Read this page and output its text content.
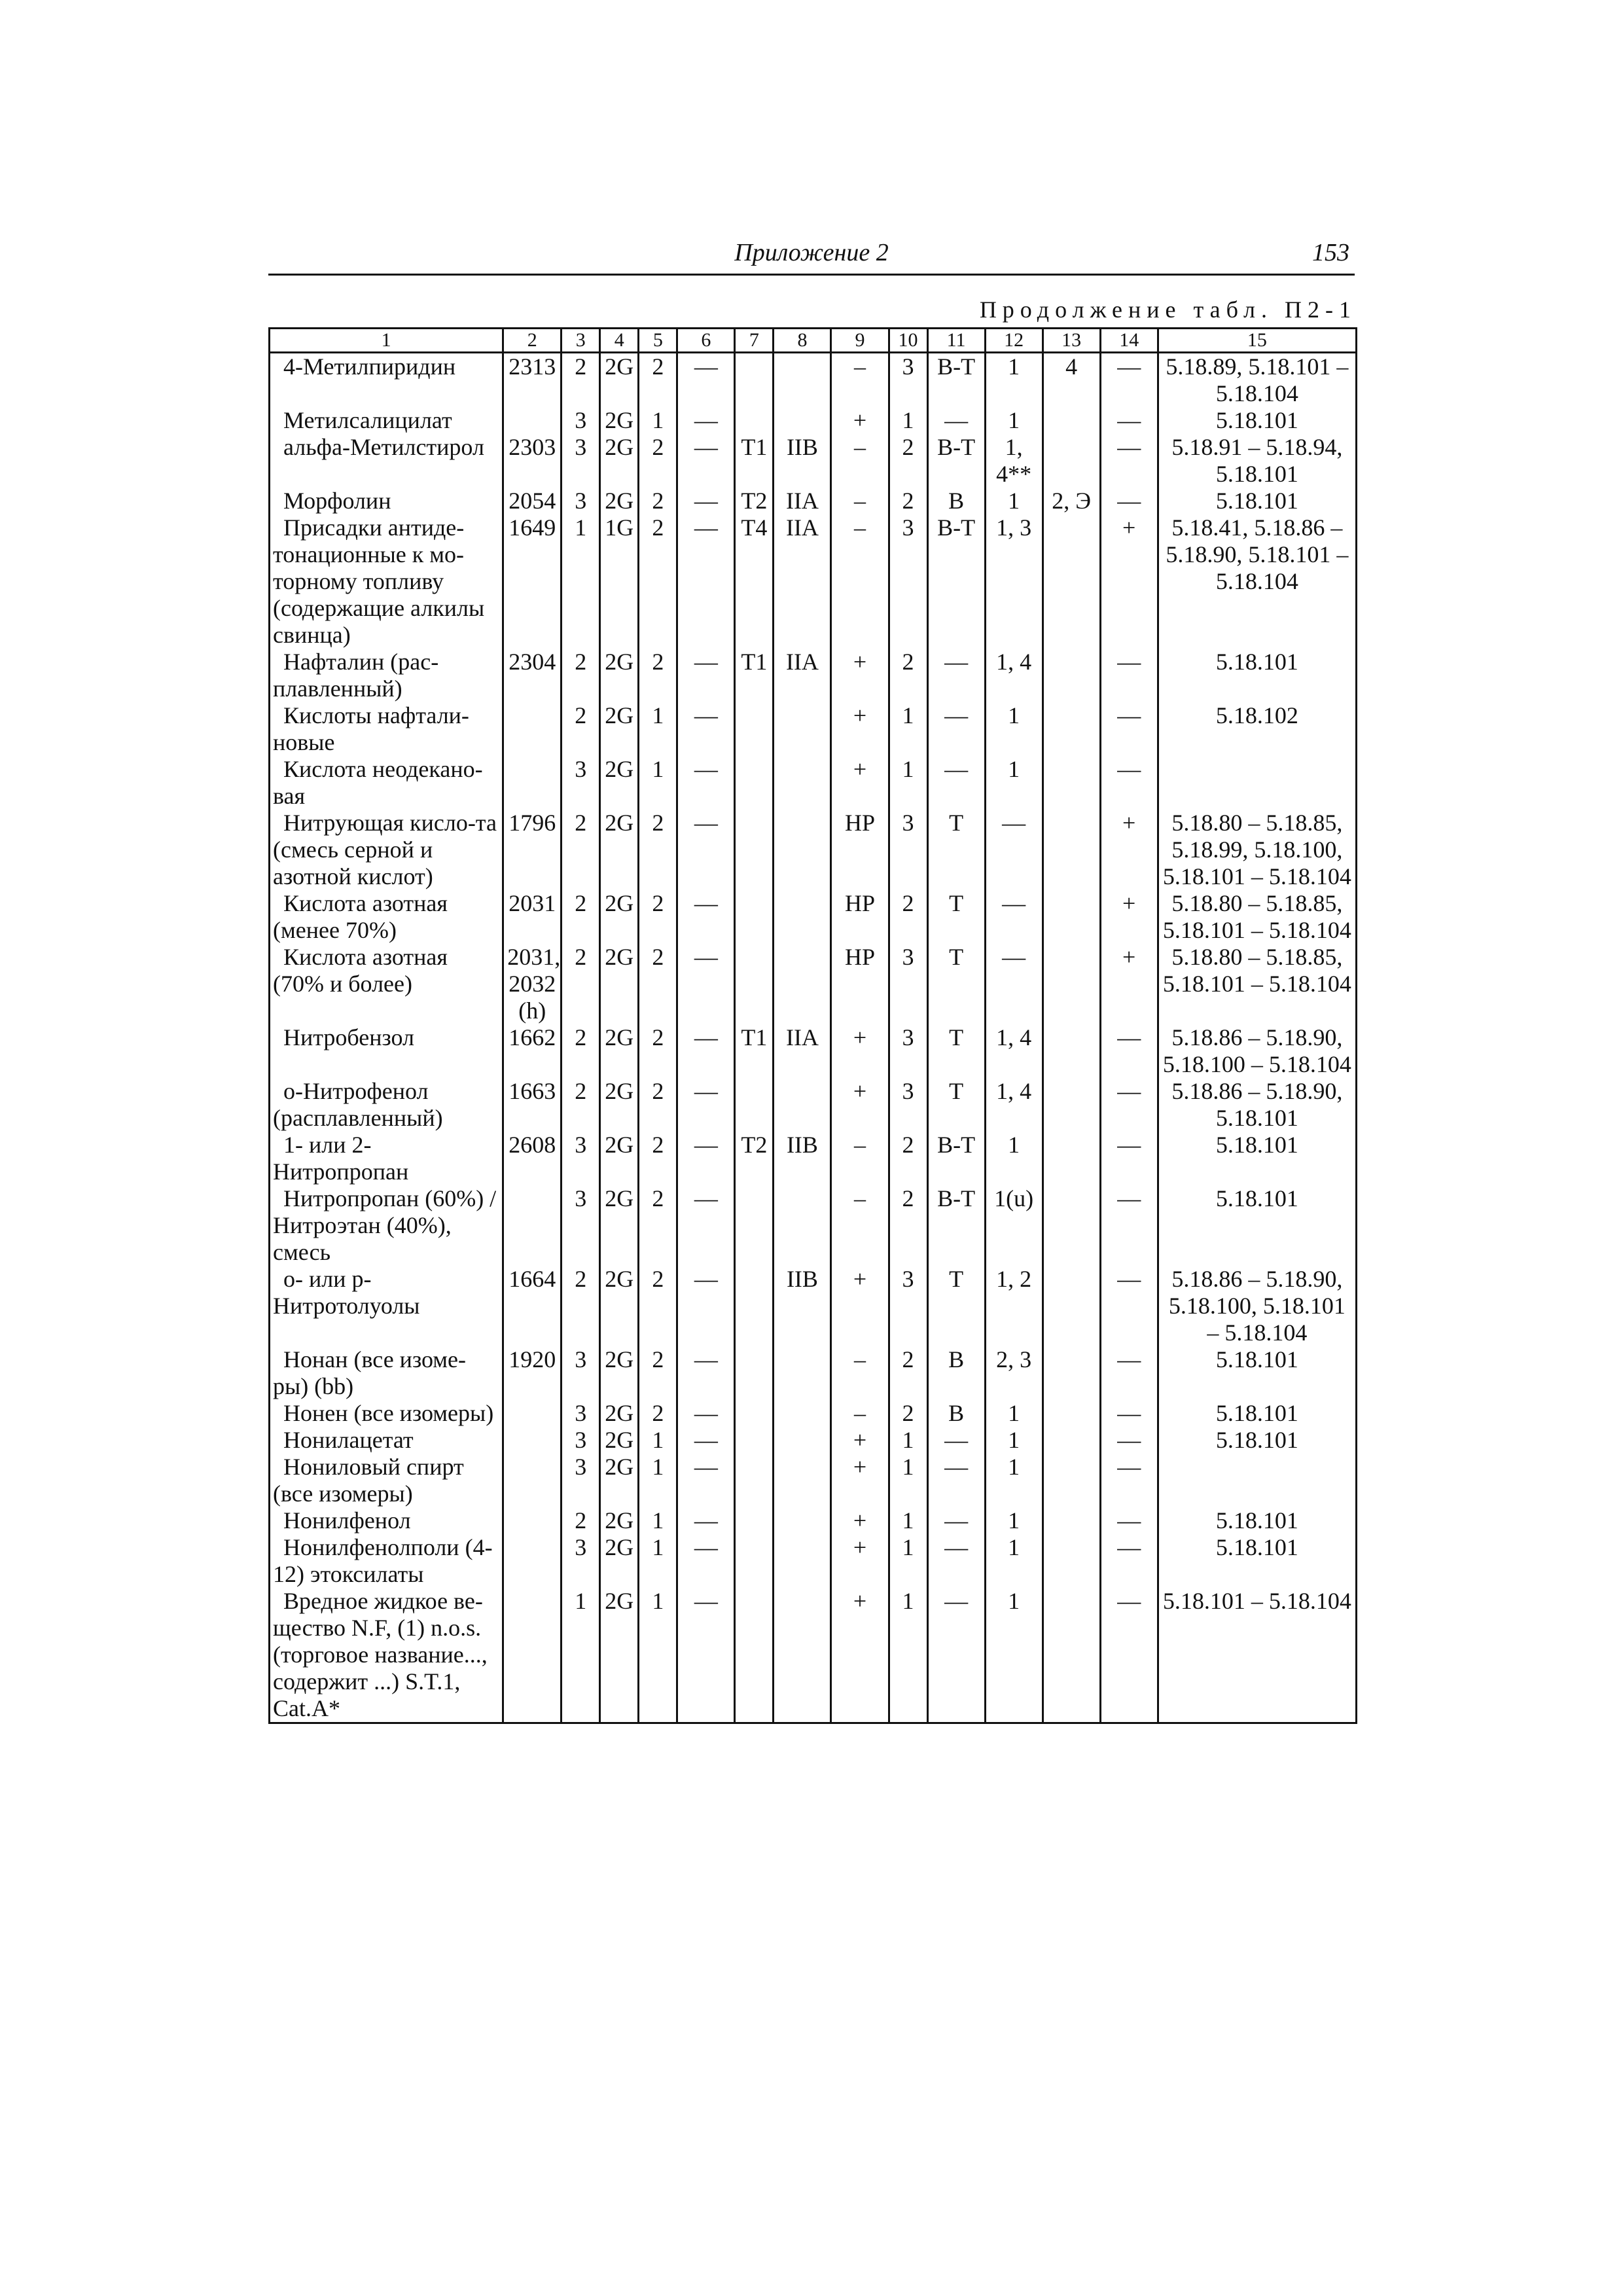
Приложение 2	153
Продолжение табл. П2-1
1	2	3	4	5	6	7	8	9	10	11	12	13	14	15
4-Метилпиридин	2313	2	2G	2	—			–	3	В-Т	1	4	—	5.18.89, 5.18.101 – 5.18.104
Метилсалицилат		3	2G	1	—			+	1	—	1		—	5.18.101
альфа-Метилстирол	2303	3	2G	2	—	Т1	IIВ	–	2	В-Т	1, 4**		—	5.18.91 – 5.18.94, 5.18.101
Морфолин	2054	3	2G	2	—	Т2	IIА	–	2	В	1	2, Э	—	5.18.101
Присадки антиде-тонационные к мо-торному топливу (содержащие алкилы свинца)	1649	1	1G	2	—	Т4	IIА	–	3	В-Т	1, 3		+	5.18.41, 5.18.86 – 5.18.90, 5.18.101 – 5.18.104
Нафталин (рас-плавленный)	2304	2	2G	2	—	Т1	IIА	+	2	—	1, 4		—	5.18.101
Кислоты нафтали-новые		2	2G	1	—			+	1	—	1		—	5.18.102
Кислота неодекано-вая		3	2G	1	—			+	1	—	1		—	
Нитрующая кисло-та (смесь серной и азотной кислот)	1796	2	2G	2	—			НР	3	Т	—		+	5.18.80 – 5.18.85, 5.18.99, 5.18.100, 5.18.101 – 5.18.104
Кислота азотная (менее 70%)	2031	2	2G	2	—			НР	2	Т	—		+	5.18.80 – 5.18.85, 5.18.101 – 5.18.104
Кислота азотная (70% и более)	2031, 2032 (h)	2	2G	2	—			НР	3	Т	—		+	5.18.80 – 5.18.85, 5.18.101 – 5.18.104
Нитробензол	1662	2	2G	2	—	Т1	IIА	+	3	Т	1, 4		—	5.18.86 – 5.18.90, 5.18.100 – 5.18.104
о-Нитрофенол (расплавленный)	1663	2	2G	2	—			+	3	Т	1, 4		—	5.18.86 – 5.18.90, 5.18.101
1- или 2-Нитропропан	2608	3	2G	2	—	Т2	IIВ	–	2	В-Т	1		—	5.18.101
Нитропропан (60%) / Нитроэтан (40%), смесь		3	2G	2	—			–	2	В-Т	1(u)		—	5.18.101
о- или р-Нитротолуолы	1664	2	2G	2	—		IIВ	+	3	Т	1, 2		—	5.18.86 – 5.18.90, 5.18.100, 5.18.101 – 5.18.104
Нонан (все изоме-ры) (bb)	1920	3	2G	2	—			–	2	В	2, 3		—	5.18.101
Нонен (все изомеры)		3	2G	2	—			–	2	В	1		—	5.18.101
Нонилацетат		3	2G	1	—			+	1	—	1		—	5.18.101
Нониловый спирт (все изомеры)		3	2G	1	—			+	1	—	1		—	
Нонилфенол		2	2G	1	—			+	1	—	1		—	5.18.101
Нонилфенолполи (4-12) этоксилаты		3	2G	1	—			+	1	—	1		—	5.18.101
Вредное жидкое ве-щество N.F, (1) n.o.s. (торговое название..., содержит ...) S.T.1, Cat.A*		1	2G	1	—			+	1	—	1		—	5.18.101 – 5.18.104
